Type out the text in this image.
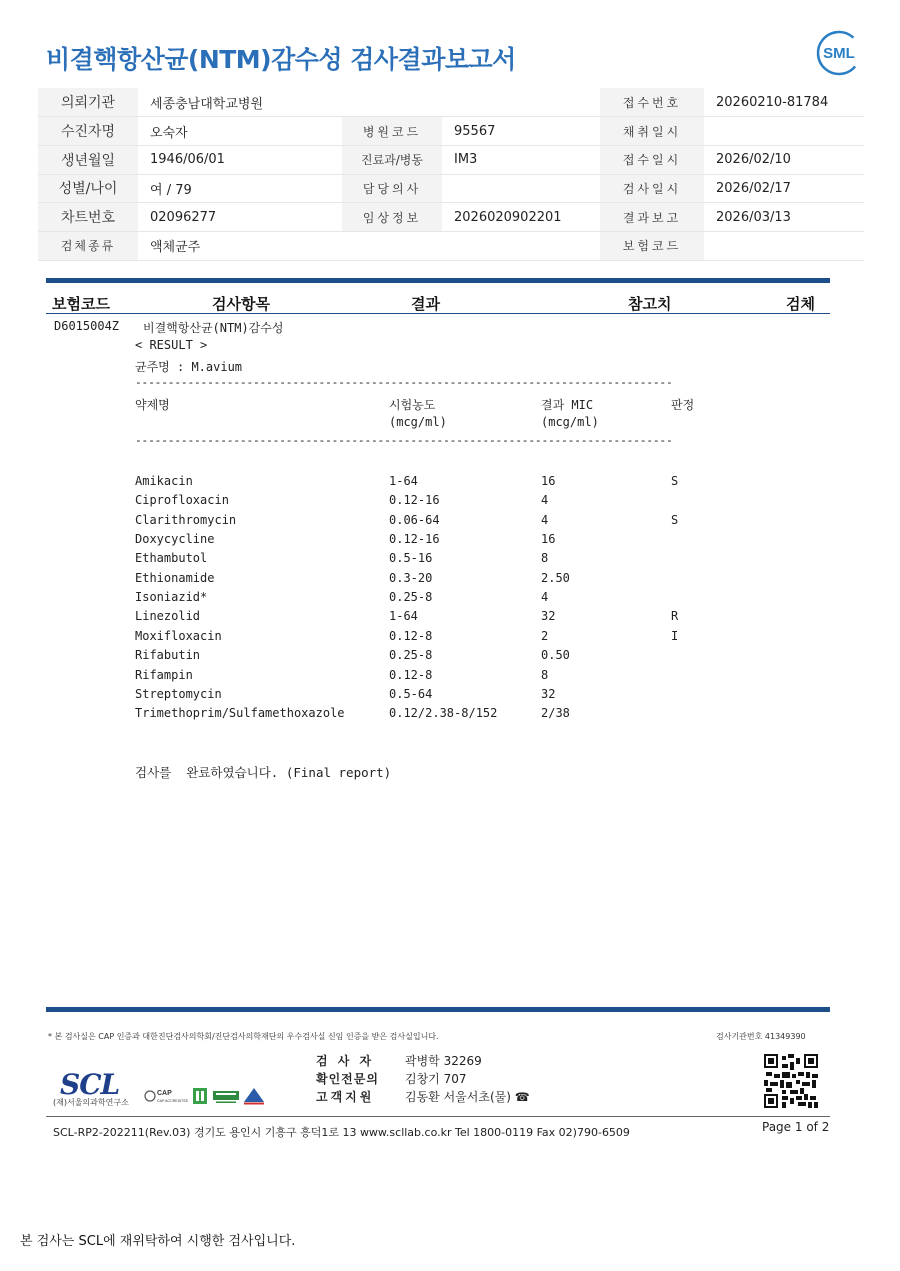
비결핵항산균(NTM)감수성 검사결과보고서	SML
의뢰기관	세종충남대학교병원			접수번호	20260210-81784
수진자명	오숙자	병원코드	95567	채취일시	
생년월일	1946/06/01	진료과/병동	IM3	접수일시	2026/02/10
성별/나이	여 / 79	담당의사		검사일시	2026/02/17
차트번호	02096277	임상정보	2026020902201	결과보고	2026/03/13
검체종류	액체균주			보험코드	
보험코드	검사항목	결과	참고치	검체
D6015004Z 비결핵항산균(NTM)감수성
< RESULT >
균주명 : M.avium
----------------------------------------------------------------------------------
약제명	시험농도
(mcg/ml)
결과 MIC
(mcg/ml)
판정
----------------------------------------------------------------------------------
Amikacin	1-64	16	S
Ciprofloxacin	0.12-16	4
Clarithromycin	0.06-64	4	S
Doxycycline	0.12-16	16
Ethambutol	0.5-16	8
Ethionamide	0.3-20	2.50
Isoniazid*	0.25-8	4
Linezolid	1-64	32	R
Moxifloxacin	0.12-8	2	I
Rifabutin	0.25-8	0.50
Rifampin	0.12-8	8
Streptomycin	0.5-64	32
Trimethoprim/Sulfamethoxazole	0.12/2.38-8/152	2/38
검사를  완료하였습니다. (Final report)
* 본 검사실은 CAP 인증과 대한진단검사의학회/진단검사의학재단의 우수검사실 신임 인증을 받은 검사실입니다.	검사기관번호 41349390
SCL
(재)서울의과학연구소
CAP
CAP ACCREDITED
검 사 자	곽병학 32269
확인전문의 김창기 707
고객지원	김동환 서울서초(물) ☎
SCL-RP2-202211(Rev.03) 경기도 용인시 기흥구 흥덕1로 13 www.scllab.co.kr Tel 1800-0119 Fax 02)790-6509	Page 1 of 2
본 검사는 SCL에 재위탁하여 시행한 검사입니다.
